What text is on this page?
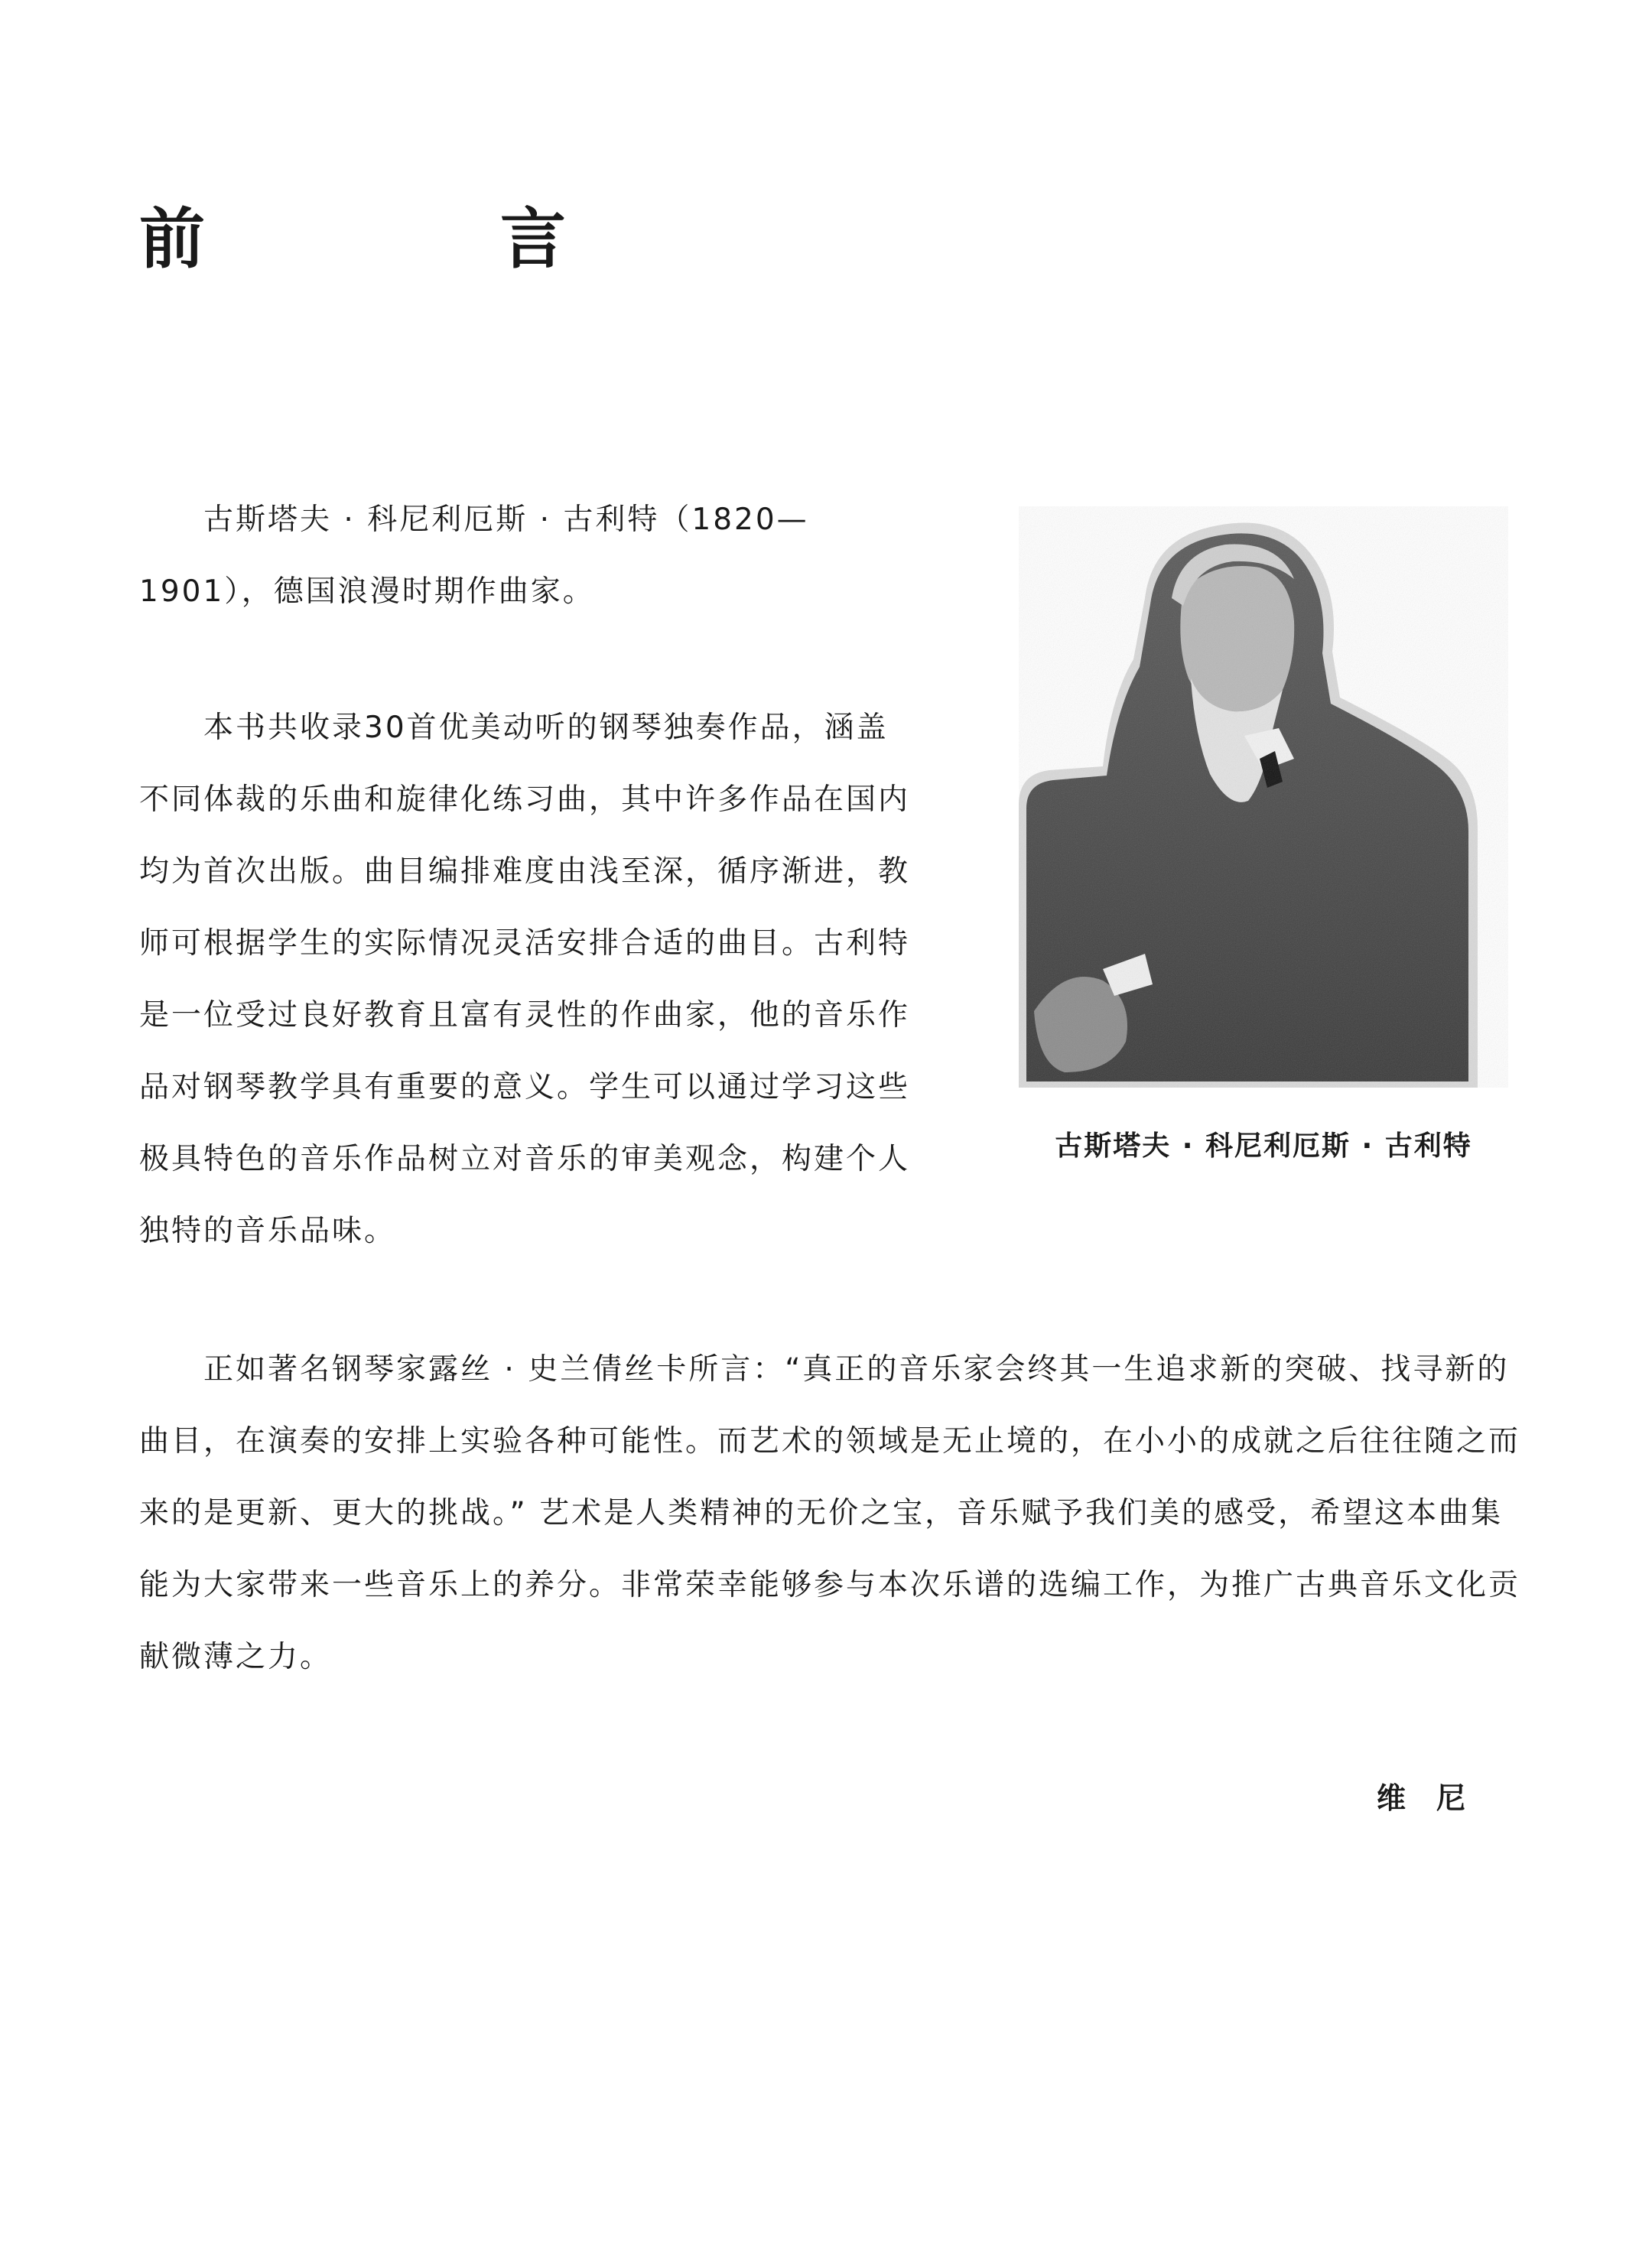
前　言

古斯塔夫 · 科尼利厄斯 · 古利特（1820—1901），德国浪漫时期作曲家。

本书共收录30首优美动听的钢琴独奏作品，涵盖不同体裁的乐曲和旋律化练习曲，其中许多作品在国内均为首次出版。曲目编排难度由浅至深，循序渐进，教师可根据学生的实际情况灵活安排合适的曲目。古利特是一位受过良好教育且富有灵性的作曲家，他的音乐作品对钢琴教学具有重要的意义。学生可以通过学习这些极具特色的音乐作品树立对音乐的审美观念，构建个人独特的音乐品味。

古斯塔夫 · 科尼利厄斯 · 古利特

正如著名钢琴家露丝 · 史兰倩丝卡所言：“真正的音乐家会终其一生追求新的突破、找寻新的曲目，在演奏的安排上实验各种可能性。而艺术的领域是无止境的，在小小的成就之后往往随之而来的是更新、更大的挑战。” 艺术是人类精神的无价之宝，音乐赋予我们美的感受，希望这本曲集能为大家带来一些音乐上的养分。非常荣幸能够参与本次乐谱的选编工作，为推广古典音乐文化贡献微薄之力。

维尼
